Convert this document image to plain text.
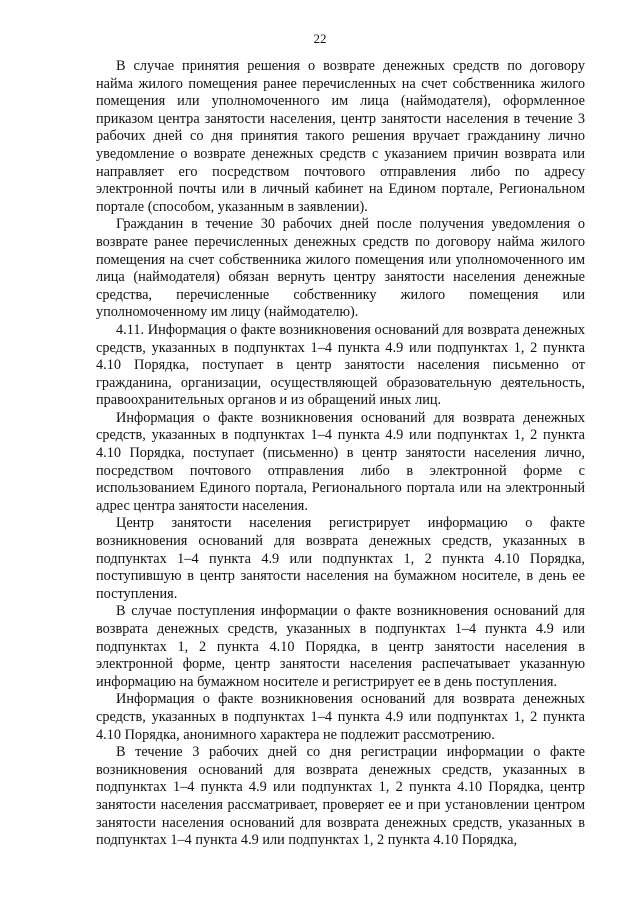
22

В случае принятия решения о возврате денежных средств по договору найма жилого помещения ранее перечисленных на счет собственника жилого помещения или уполномоченного им лица (наймодателя), оформленное приказом центра занятости населения, центр занятости населения в течение 3 рабочих дней со дня принятия такого решения вручает гражданину лично уведомление о возврате денежных средств с указанием причин возврата или направляет его посредством почтового отправления либо по адресу электронной почты или в личный кабинет на Едином портале, Региональном портале (способом, указанным в заявлении).

Гражданин в течение 30 рабочих дней после получения уведомления о возврате ранее перечисленных денежных средств по договору найма жилого помещения на счет собственника жилого помещения или уполномоченного им лица (наймодателя) обязан вернуть центру занятости населения денежные средства, перечисленные собственнику жилого помещения или уполномоченному им лицу (наймодателю).

4.11. Информация о факте возникновения оснований для возврата денежных средств, указанных в подпунктах 1–4 пункта 4.9 или подпунктах 1, 2 пункта 4.10 Порядка, поступает в центр занятости населения письменно от гражданина, организации, осуществляющей образовательную деятельность, правоохранительных органов и из обращений иных лиц.

Информация о факте возникновения оснований для возврата денежных средств, указанных в подпунктах 1–4 пункта 4.9 или подпунктах 1, 2 пункта 4.10 Порядка, поступает (письменно) в центр занятости населения лично, посредством почтового отправления либо в электронной форме с использованием Единого портала, Регионального портала или на электронный адрес центра занятости населения.

Центр занятости населения регистрирует информацию о факте возникновения оснований для возврата денежных средств, указанных в подпунктах 1–4 пункта 4.9 или подпунктах 1, 2 пункта 4.10 Порядка, поступившую в центр занятости населения на бумажном носителе, в день ее поступления.

В случае поступления информации о факте возникновения оснований для возврата денежных средств, указанных в подпунктах 1–4 пункта 4.9 или подпунктах 1, 2 пункта 4.10 Порядка, в центр занятости населения в электронной форме, центр занятости населения распечатывает указанную информацию на бумажном носителе и регистрирует ее в день поступления.

Информация о факте возникновения оснований для возврата денежных средств, указанных в подпунктах 1–4 пункта 4.9 или подпунктах 1, 2 пункта 4.10 Порядка, анонимного характера не подлежит рассмотрению.

В течение 3 рабочих дней со дня регистрации информации о факте возникновения оснований для возврата денежных средств, указанных в подпунктах 1–4 пункта 4.9 или подпунктах 1, 2 пункта 4.10 Порядка, центр занятости населения рассматривает, проверяет ее и при установлении центром занятости населения оснований для возврата денежных средств, указанных в подпунктах 1–4 пункта 4.9 или подпунктах 1, 2 пункта 4.10 Порядка,
